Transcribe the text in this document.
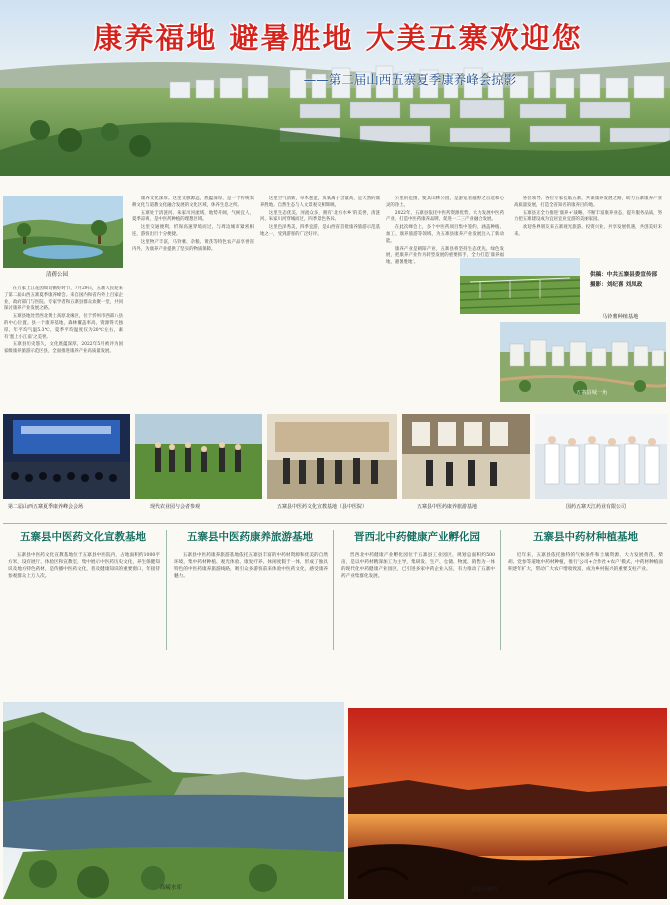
康养福地 避暑胜地 大美五寨欢迎您
——第二届山西五寨夏季康养峰会掠影
清蒨公园

在万家上江花园如诗画好时节，7月29日，五寨人民迎来了第二届山西五寨夏季康养峰会。来自国内和省内外上百家企业，政府部门与医院、专家学者和五寨县群众欢聚一堂，共同探讨康养产业发展之路。

五寨县地处晋西北黄土高原北缘区，位于忻州市西部八县的中心位置。县一个康养基地，森林覆盖率高，资源得天独厚，年平均气温5.3℃，夏季平均温度仅为20℃左右，素有‘塞上小江南’之美誉。

五寨县历史悠久，文化底蕴深厚，2022年5月被评为国家级康养旅游示范区县，全面推进康养产业高质量发展。

康养文化深厚。这里文脉源远，底蕴深厚，是一个传统农耕文化与道教文化融合发展的文化区域，休养生息之所。

五寨处于清涟河、朱家川河流域，地势开阔，气候宜人，夏季凉爽，是中医药种植的理想区域。

这里交通便利，忻保高速穿境而过，与周边城市紧密相连，游客出行十分便捷。

这里物产丰富，马铃薯、杂粮、黄芪等特色农产品享誉省内外，为康养产业提供了坚实的物质保障。

这里空气清新，草木葱茏，负氧离子含量高，是天然的康养胜地。自然生态与人文景观交相辉映。

这里生态优美，河流众多，拥有‘北方水乡’的美誉，清涟河、朱家川河穿城而过，四季景色各异。

这里色泽秀美，四季宜游，是山西省首批康养旅游示范基地之一，受到游客的广泛好评。

公里的范围，使其山林公园，是游览者越野之首选和心灵的净土。

2022年，五寨县依托中医药资源优势，大力发展中医药产业，打造中医药康养品牌，促进一二三产业融合发展。

在此次峰会上，多个中医药项目集中签约，涵盖种植、加工、康养旅游等领域，为五寨县康养产业发展注入了新动能。

康养产业是朝阳产业，五寨县将坚持生态优先、绿色发展，把康养产业作为转型发展的重要抓手，全力打造‘康养福地、避暑胜地’。

各位领导、各位专家莅临五寨，共谋康养发展之路，助力五寨康养产业高质量发展，打造全省知名的康养目的地。

五寨县正全力推进‘康养+’战略，不断丰富康养业态，提升服务品质，努力把五寨建设成为宜居宜业宜游的美丽家园。

欢迎各界朋友来五寨观光旅游、投资兴业，共享发展机遇，共创美好未来。

供稿：中共五寨县委宣传部
摄影：刘纪喜 刘凤政
马铃薯种植基地
五寨县城一角
第二届山西五寨夏季康养峰会会场	现代农业园与会者参观	五寨县中医药文化宣教基地（县中医院）	五寨县中医药康养旅游基地	国药五寨天江药业有限公司
五寨县中医药文化宣教基地	五寨县中医药康养旅游基地	晋西北中药健康产业孵化园	五寨县中药材种植基地

五寨县中医药文化宣教基地位于五寨县中医院内，占地面积约1000平方米，设有展厅、体验区和宣教室，集中展示中医药历史文化、养生保健知识及地方特色药材，是传播中医药文化、普及健康知识的重要窗口，年接待参观群众上万人次。

五寨县中医药康养旅游基地依托五寨县丰富的中药材资源和优美的自然环境，集中药材种植、观光体验、康复疗养、休闲度假于一体，形成了独具特色的中医药康养旅游线路，吸引众多游客前来体验中医药文化，感受康养魅力。

晋西北中药健康产业孵化园位于五寨县工业园区，规划总面积约500亩，是以中药材精深加工为主导，集研发、生产、仓储、物流、销售为一体的现代化中药健康产业园区，已引进多家中药企业入驻，有力推动了五寨中药产业集群化发展。

近年来，五寨县依托独特的气候条件和土壤资源，大力发展黄芪、柴胡、党参等道地中药材种植，推行‘公司+合作社+农户’模式，中药材种植面积逐年扩大，带动广大农户增收致富，成为乡村振兴的重要支柱产业。

高崚水库	清涟河晚照
